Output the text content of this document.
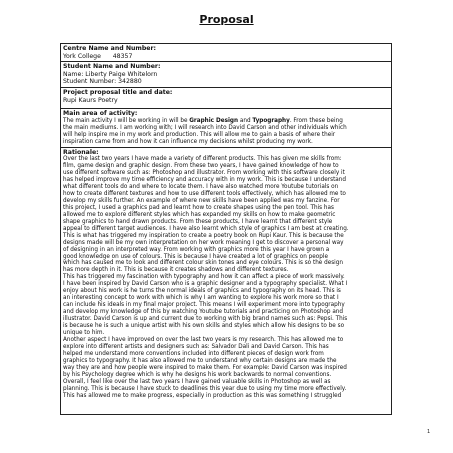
Proposal
Centre Name and Number:
York College      48357
Student Name and Number:
Name: Liberty Paige Whitelorn
Student Number: 342880
Project proposal title and date:
Rupi Kaurs Poetry
Main area of activity:
The main activity I will be working in will be Graphic Design and Typography. From these being
the main mediums. I am working with; I will research into David Carson and other individuals which
will help inspire me in my work and production. This will allow me to gain a basis of where their
inspiration came from and how it can influence my decisions whilst producing my work.
Rationale:
Over the last two years I have made a variety of different products. This has given me skills from:
film, game design and graphic design. From these two years, I have gained knowledge of how to
use different software such as: Photoshop and illustrator. From working with this software closely it
has helped improve my time efficiency and accuracy with in my work. This is because I understand
what different tools do and where to locate them. I have also watched more Youtube tutorials on
how to create different textures and how to use different tools effectively, which has allowed me to
develop my skills further. An example of where new skills have been applied was my fanzine. For
this project, I used a graphics pad and learnt how to create shapes using the pen tool. This has
allowed me to explore different styles which has expanded my skills on how to make geometric
shape graphics to hand drawn products. From these products, I have learnt that different style
appeal to different target audiences. I have also learnt which style of graphics I am best at creating.
This is what has triggered my inspiration to create a poetry book on Rupi Kaur. This is because the
designs made will be my own interpretation on her work meaning I get to discover a personal way
of designing in an interpreted way. From working with graphics more this year I have grown a
good knowledge on use of colours. This is because I have created a lot of graphics on people
which has caused me to look and different colour skin tones and eye colours. This is so the design
has more depth in it. This is because it creates shadows and different textures.
This has triggered my fascination with typography and how it can affect a piece of work massively.
I have been inspired by David Carson who is a graphic designer and a typography specialist. What I
enjoy about his work is he turns the normal ideals of graphics and typography on its head. This is
an interesting concept to work with which is why I am wanting to explore his work more so that I
can include his ideals in my final major project. This means I will experiment more into typography
and develop my knowledge of this by watching Youtube tutorials and practicing on Photoshop and
illustrator. David Carson is up and current due to working with big brand names such as: Pepsi. This
is because he is such a unique artist with his own skills and styles which allow his designs to be so
unique to him.
Another aspect I have improved on over the last two years is my research. This has allowed me to
explore into different artists and designers such as: Salvador Dali and David Carson. This has
helped me understand more conventions included into different pieces of design work from
graphics to typography. It has also allowed me to understand why certain designs are made the
way they are and how people were inspired to make them. For example: David Carson was inspired
by his Psychology degree which is why he designs his work backwards to normal conventions.
Overall, I feel like over the last two years I have gained valuable skills in Photoshop as well as
planning. This is because I have stuck to deadlines this year due to using my time more effectively.
This has allowed me to make progress, especially in production as this was something I struggled
1
